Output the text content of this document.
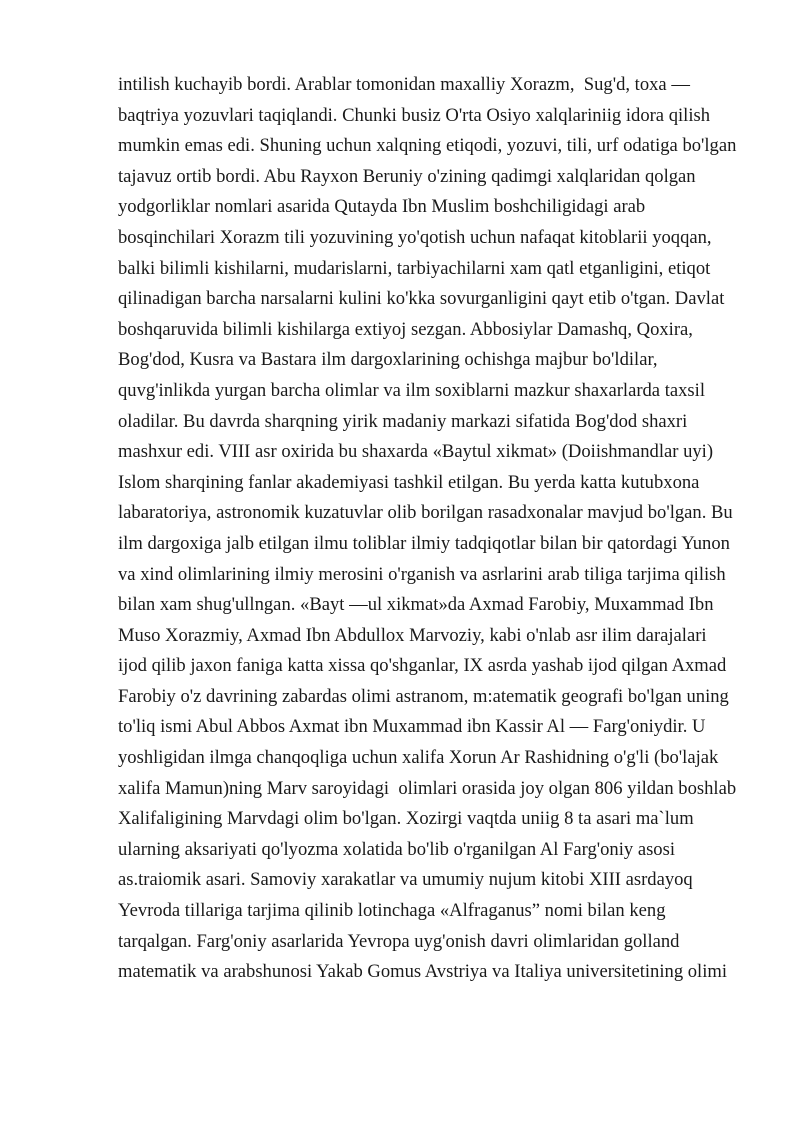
intilish kuchayib bordi. Arablar tomonidan maxalliy Xorazm,  Sug'd, toxa —
baqtriya yozuvlari taqiqlandi. Chunki busiz O'rta Osiyo xalqlariniig idora qilish
mumkin emas edi. Shuning uchun xalqning etiqodi, yozuvi, tili, urf odatiga bo'lgan
tajavuz ortib bordi. Abu Rayxon Beruniy o'zining qadimgi xalqlaridan qolgan
yodgorliklar nomlari asarida Qutayda Ibn Muslim boshchiligidagi arab
bosqinchilari Xorazm tili yozuvining yo'qotish uchun nafaqat kitoblarii yoqqan,
balki bilimli kishilarni, mudarislarni, tarbiyachilarni xam qatl etganligini, etiqot
qilinadigan barcha narsalarni kulini ko'kka sovurganligini qayt etib o'tgan. Davlat
boshqaruvida bilimli kishilarga extiyoj sezgan. Abbosiylar Damashq, Qoxira,
Bog'dod, Kusra va Bastara ilm dargoxlarining ochishga majbur bo'ldilar,
quvg'inlikda yurgan barcha olimlar va ilm soxiblarni mazkur shaxarlarda taxsil
oladilar. Bu davrda sharqning yirik madaniy markazi sifatida Bog'dod shaxri
mashxur edi. VIII asr oxirida bu shaxarda «Baytul xikmat» (Doiishmandlar uyi)
Islom sharqining fanlar akademiyasi tashkil etilgan. Bu yerda katta kutubxona
labaratoriya, astronomik kuzatuvlar olib borilgan rasadxonalar mavjud bo'lgan. Bu
ilm dargoxiga jalb etilgan ilmu toliblar ilmiy tadqiqotlar bilan bir qatordagi Yunon
va xind olimlarining ilmiy merosini o'rganish va asrlarini arab tiliga tarjima qilish
bilan xam shug'ullngan. «Bayt —ul xikmat»da Axmad Farobiy, Muxammad Ibn
Muso Xorazmiy, Axmad Ibn Abdullox Marvoziy, kabi o'nlab asr ilim darajalari
ijod qilib jaxon faniga katta xissa qo'shganlar, IX asrda yashab ijod qilgan Axmad
Farobiy o'z davrining zabardas olimi astranom, m:atematik geografi bo'lgan uning
to'liq ismi Abul Abbos Axmat ibn Muxammad ibn Kassir Al — Farg'oniydir. U
yoshligidan ilmga chanqoqliga uchun xalifa Xorun Ar Rashidning o'g'li (bo'lajak
xalifa Mamun)ning Marv saroyidagi  olimlari orasida joy olgan 806 yildan boshlab
Xalifaligining Marvdagi olim bo'lgan. Xozirgi vaqtda uniig 8 ta asari ma`lum
ularning aksariyati qo'lyozma xolatida bo'lib o'rganilgan Al Farg'oniy asosi
as.traiomik asari. Samoviy xarakatlar va umumiy nujum kitobi XIII asrdayoq
Yevroda tillariga tarjima qilinib lotinchaga «Alfraganus” nomi bilan keng
tarqalgan. Farg'oniy asarlarida Yevropa uyg'onish davri olimlaridan golland
matematik va arabshunosi Yakab Gomus Avstriya va Italiya universitetining olimi
